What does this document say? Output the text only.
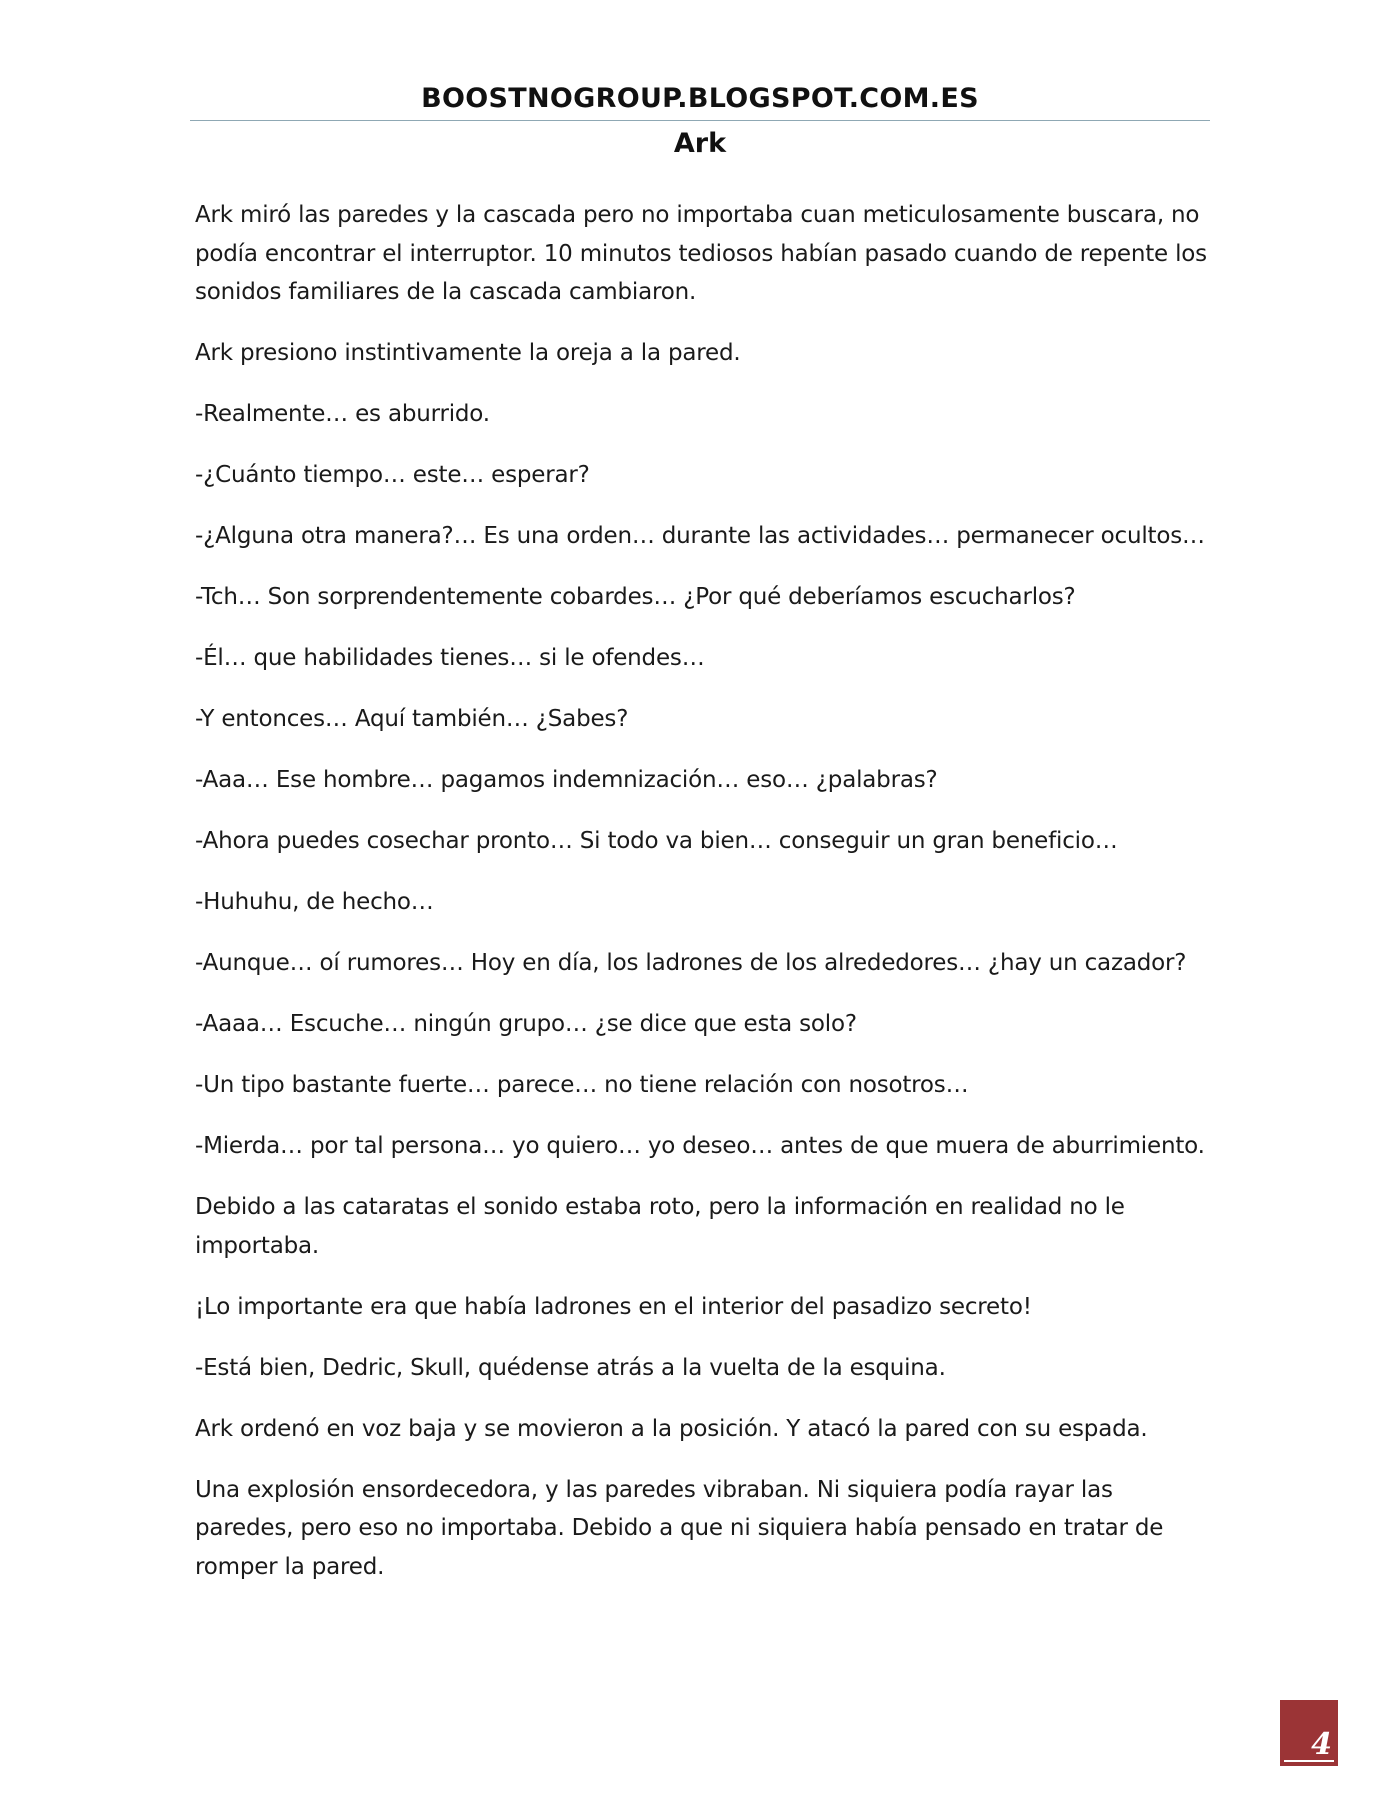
BOOSTNOGROUP.BLOGSPOT.COM.ES
Ark

Ark miró las paredes y la cascada pero no importaba cuan meticulosamente buscara, no podía encontrar el interruptor. 10 minutos tediosos habían pasado cuando de repente los sonidos familiares de la cascada cambiaron.

Ark presiono instintivamente la oreja a la pared.

-Realmente… es aburrido.

-¿Cuánto tiempo… este… esperar?

-¿Alguna otra manera?… Es una orden… durante las actividades… permanecer ocultos…

-Tch… Son sorprendentemente cobardes… ¿Por qué deberíamos escucharlos?

-Él… que habilidades tienes… si le ofendes…

-Y entonces… Aquí también… ¿Sabes?

-Aaa… Ese hombre… pagamos indemnización… eso… ¿palabras?

-Ahora puedes cosechar pronto… Si todo va bien… conseguir un gran beneficio…

-Huhuhu, de hecho…

-Aunque… oí rumores… Hoy en día, los ladrones de los alrededores… ¿hay un cazador?

-Aaaa… Escuche… ningún grupo… ¿se dice que esta solo?

-Un tipo bastante fuerte… parece… no tiene relación con nosotros…

-Mierda… por tal persona… yo quiero… yo deseo… antes de que muera de aburrimiento.

Debido a las cataratas el sonido estaba roto, pero la información en realidad no le importaba.

¡Lo importante era que había ladrones en el interior del pasadizo secreto!

-Está bien, Dedric, Skull, quédense atrás a la vuelta de la esquina.

Ark ordenó en voz baja y se movieron a la posición. Y atacó la pared con su espada.

Una explosión ensordecedora, y las paredes vibraban. Ni siquiera podía rayar las paredes, pero eso no importaba. Debido a que ni siquiera había pensado en tratar de romper la pared.

4
